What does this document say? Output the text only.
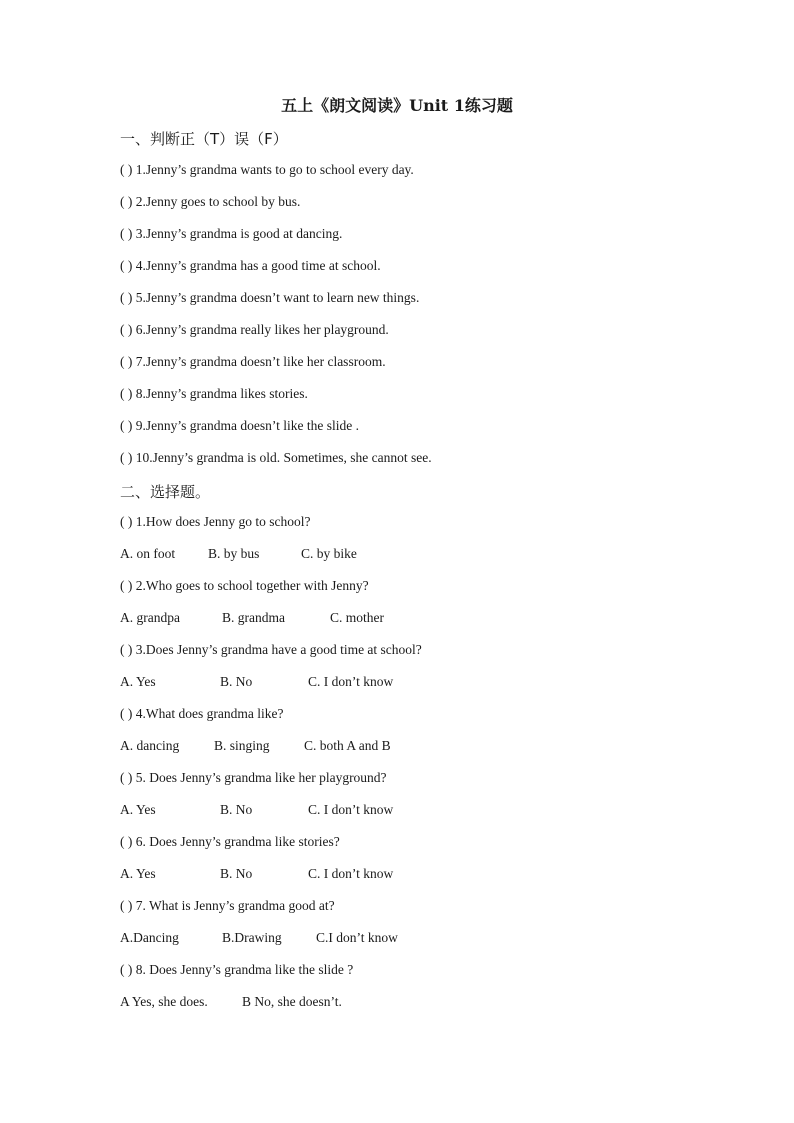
五上《朗文阅读》Unit 1练习题
一、判断正（T）误（F）
( ) 1.Jenny’s grandma wants to go to school every day.
( ) 2.Jenny goes to school by bus.
( ) 3.Jenny’s grandma is good at dancing.
( ) 4.Jenny’s grandma has a good time at school.
( ) 5.Jenny’s grandma doesn’t want to learn new things.
( ) 6.Jenny’s grandma really likes her playground.
( ) 7.Jenny’s grandma doesn’t like her classroom.
( ) 8.Jenny’s grandma likes stories.
( ) 9.Jenny’s grandma doesn’t like the slide .
( ) 10.Jenny’s grandma is old. Sometimes, she cannot see.
二、选择题。
( ) 1.How does Jenny go to school?
A. on foot B. by bus	C. by bike
( ) 2.Who goes to school together with Jenny?
A. grandpa	B. grandma	C. mother
( ) 3.Does Jenny’s grandma have a good time at school?
A. Yes	B. No	C. I don’t know
( ) 4.What does grandma like?
A. dancing	B. singing	C. both A and B
( ) 5. Does Jenny’s grandma like her playground?
A. Yes	B. No	C. I don’t know
( ) 6. Does Jenny’s grandma like stories?
A. Yes	B. No	C. I don’t know
( ) 7. What is Jenny’s grandma good at?
A.Dancing	B.Drawing	C.I don’t know
( ) 8. Does Jenny’s grandma like the slide ?
A Yes, she does.	B No, she doesn’t.
